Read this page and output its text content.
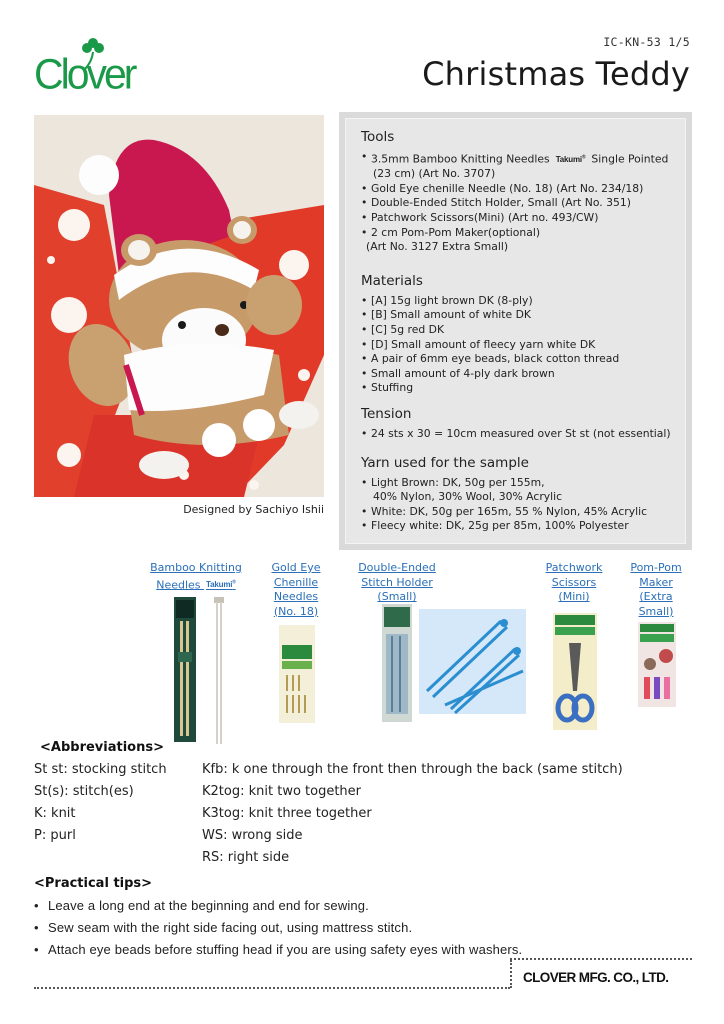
Clover
IC-KN-53 1/5
Christmas Teddy
Designed by Sachiyo Ishii
Tools
• 3.5mm Bamboo Knitting Needles Takumi® Single Pointed
(23 cm) (Art No. 3707)
• Gold Eye chenille Needle (No. 18) (Art No. 234/18)
• Double-Ended Stitch Holder, Small (Art No. 351)
• Patchwork Scissors(Mini) (Art no. 493/CW)
• 2 cm Pom-Pom Maker(optional)
(Art No. 3127 Extra Small)
Materials
• [A] 15g light brown DK (8-ply)
• [B] Small amount of white DK
• [C] 5g red DK
• [D] Small amount of fleecy yarn white DK
• A pair of 6mm eye beads, black cotton thread
• Small amount of 4-ply dark brown
• Stuffing
Tension
• 24 sts x 30 = 10cm measured over St st (not essential)
Yarn used for the sample
• Light Brown: DK, 50g per 155m,
40% Nylon, 30% Wool, 30% Acrylic
• White: DK, 50g per 165m, 55 % Nylon, 45% Acrylic
• Fleecy white: DK, 25g per 85m, 100% Polyester
Bamboo Knitting
Needles Takumi®
Gold Eye
Chenille
Needles
(No. 18)
Double-Ended
Stitch Holder
(Small)
Patchwork
Scissors
(Mini)
Pom-Pom
Maker
(Extra
Small)
<Abbreviations>
St st: stocking stitch
St(s): stitch(es)
K: knit
P: purl
Kfb: k one through the front then through the back (same stitch)
K2tog: knit two together
K3tog: knit three together
WS: wrong side
RS: right side
<Practical tips>
• Leave a long end at the beginning and end for sewing.
• Sew seam with the right side facing out, using mattress stitch.
• Attach eye beads before stuffing head if you are using safety eyes with washers.
CLOVER MFG. CO., LTD.
